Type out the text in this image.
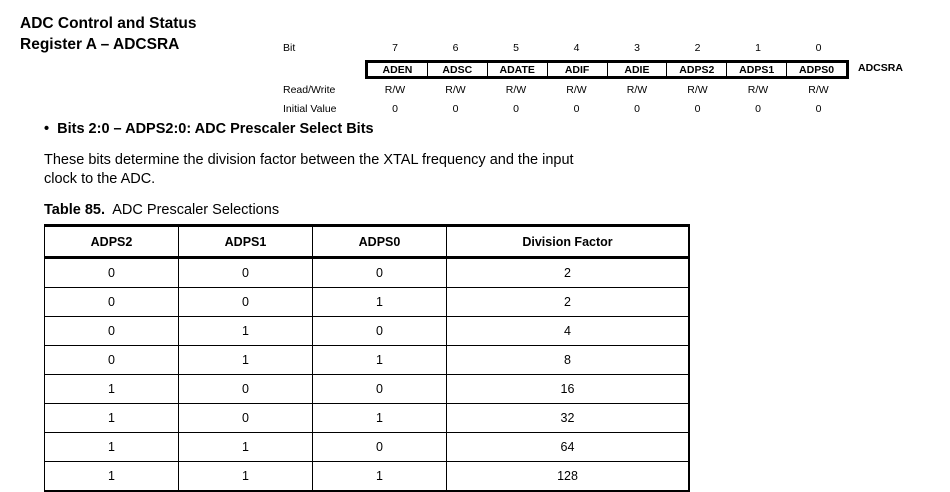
ADC Control and Status
Register A – ADCSRA	Bit	7	6	5	4	3	2	1	0
ADEN	ADSC	ADATE	ADIF	ADIE	ADPS2	ADPS1	ADPS0	ADCSRA
Read/Write	R/W	R/W	R/W	R/W	R/W	R/W	R/W	R/W
Initial Value	0	0	0	0	0	0	0	0
• Bits 2:0 – ADPS2:0: ADC Prescaler Select Bits
These bits determine the division factor between the XTAL frequency and the input
clock to the ADC.
Table 85. ADC Prescaler Selections
ADPS2	ADPS1	ADPS0	Division Factor
0	0	0	2
0	0	1	2
0	1	0	4
0	1	1	8
1	0	0	16
1	0	1	32
1	1	0	64
1	1	1	128
